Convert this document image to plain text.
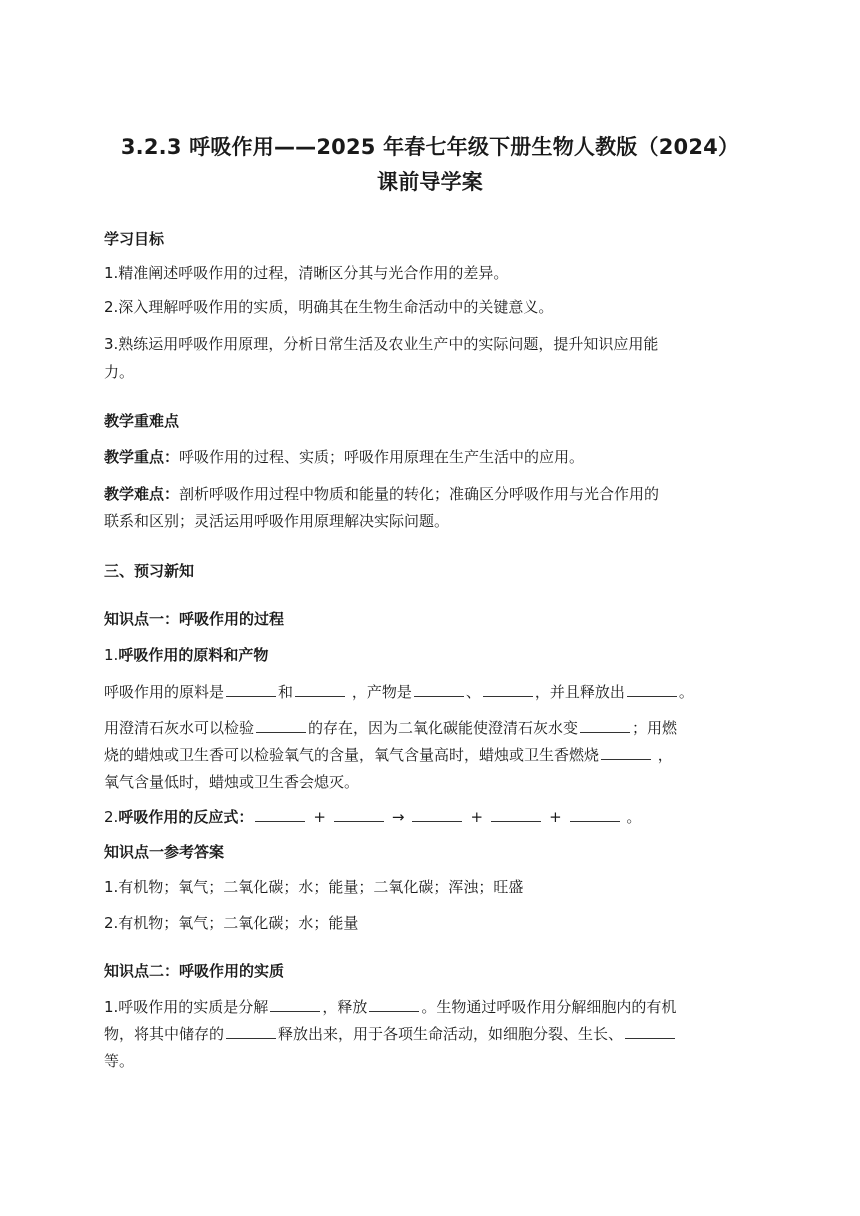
3.2.3 呼吸作用——2025 年春七年级下册生物人教版（2024）
课前导学案
学习目标
1.精准阐述呼吸作用的过程，清晰区分其与光合作用的差异。
2.深入理解呼吸作用的实质，明确其在生物生命活动中的关键意义。
3.熟练运用呼吸作用原理，分析日常生活及农业生产中的实际问题，提升知识应用能
力。
教学重难点
教学重点：呼吸作用的过程、实质；呼吸作用原理在生产生活中的应用。
教学难点：剖析呼吸作用过程中物质和能量的转化；准确区分呼吸作用与光合作用的
联系和区别；灵活运用呼吸作用原理解决实际问题。
三、预习新知
知识点一：呼吸作用的过程
1.呼吸作用的原料和产物
呼吸作用的原料是	和	，产物是	、	，并且释放出	。
用澄清石灰水可以检验	的存在，因为二氧化碳能使澄清石灰水变	；用燃
烧的蜡烛或卫生香可以检验氧气的含量，氧气含量高时，蜡烛或卫生香燃烧	，
氧气含量低时，蜡烛或卫生香会熄灭。
2.呼吸作用的反应式：	+	→	+	+	。
知识点一参考答案
1.有机物；氧气；二氧化碳；水；能量；二氧化碳；浑浊；旺盛
2.有机物；氧气；二氧化碳；水；能量
知识点二：呼吸作用的实质
1.呼吸作用的实质是分解	，释放	。生物通过呼吸作用分解细胞内的有机
物，将其中储存的	释放出来，用于各项生命活动，如细胞分裂、生长、
等。
